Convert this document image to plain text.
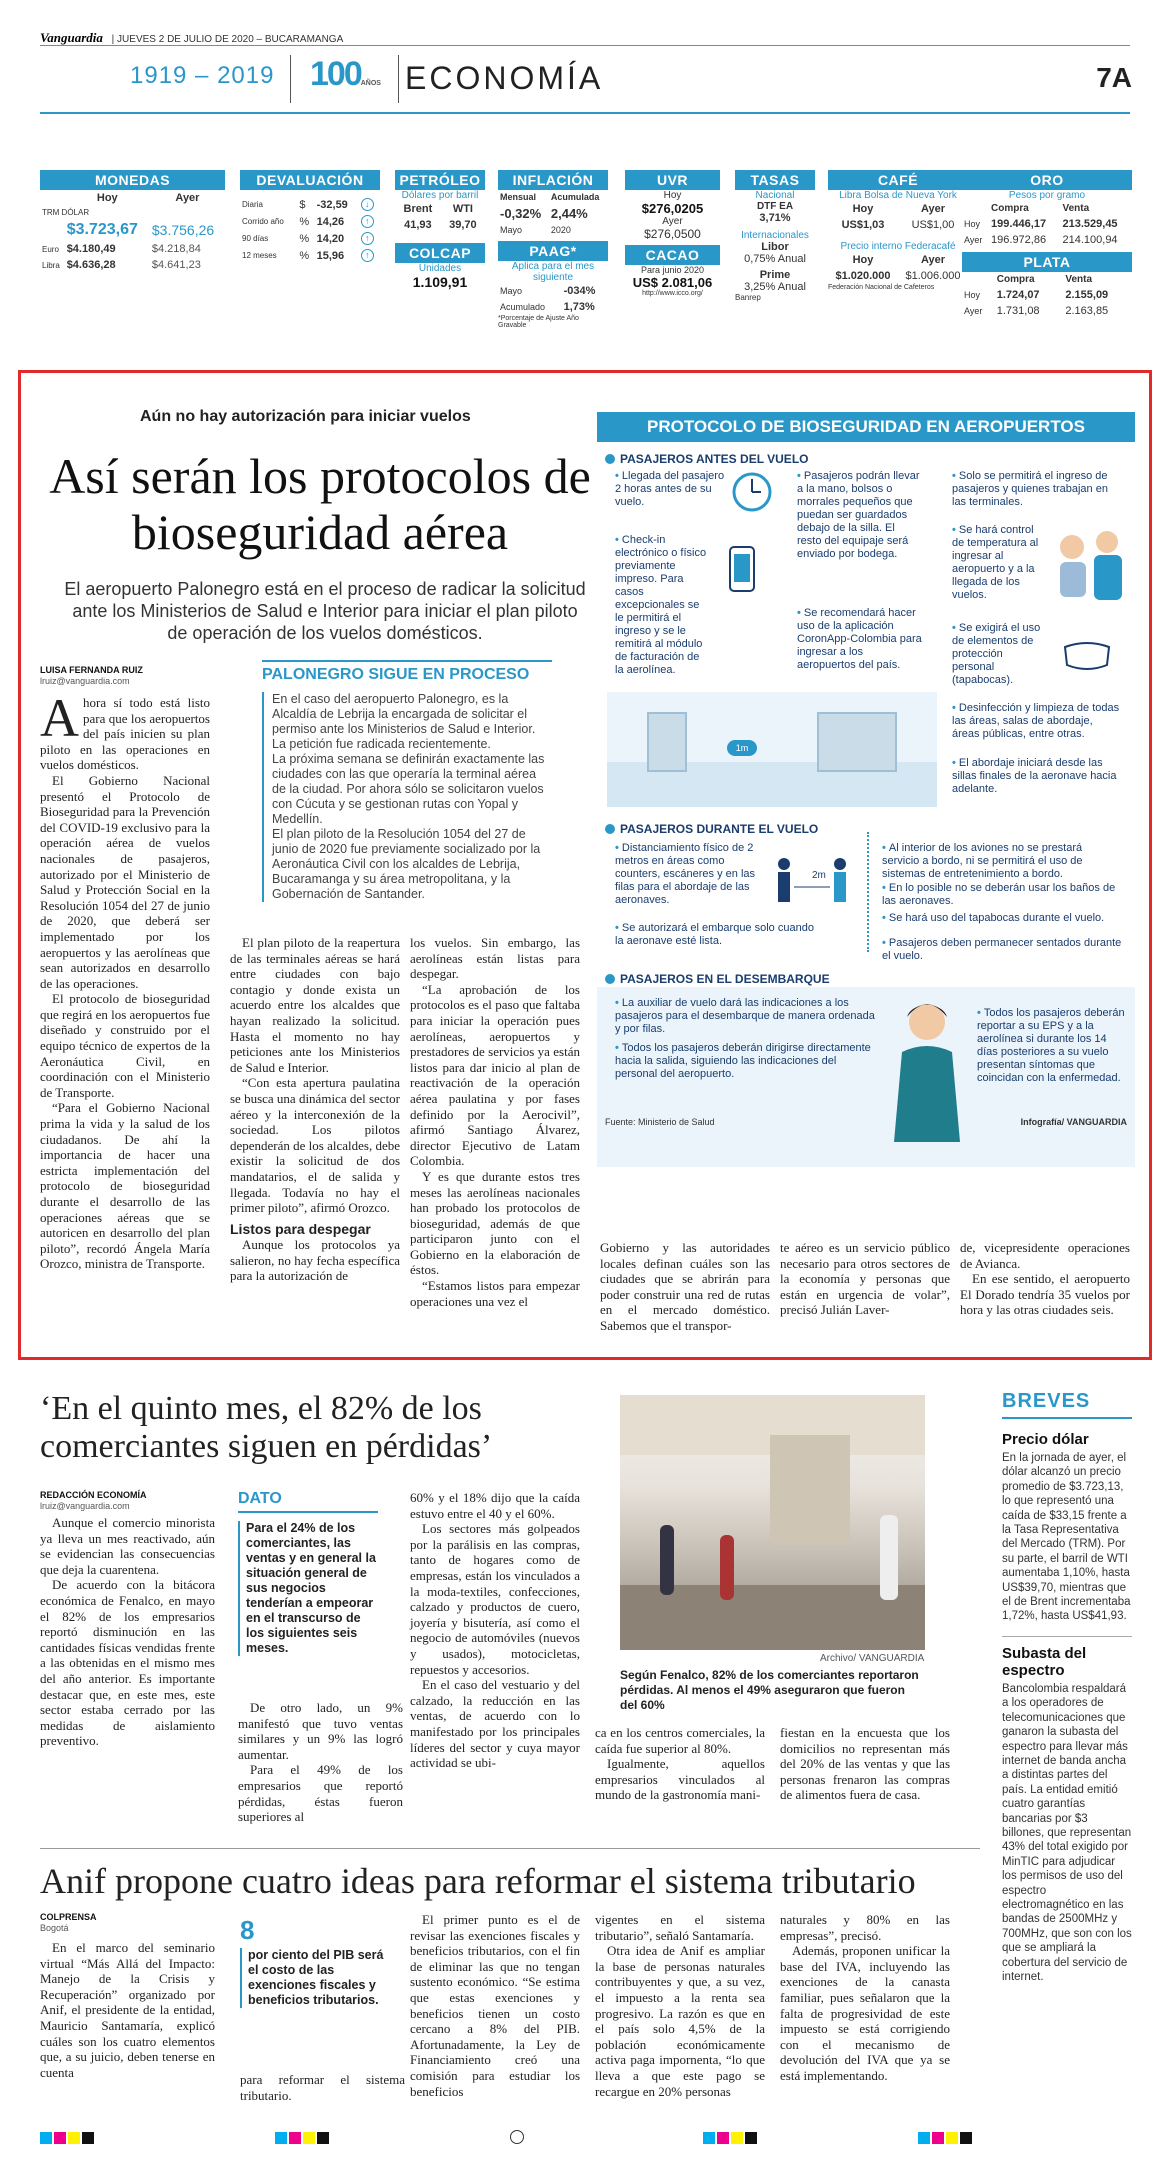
Vanguardia | JUEVES 2 DE JULIO DE 2020 – BUCARAMANGA
1919 – 2019 100AÑOS ECONOMÍA	7A
MONEDAS
	Hoy	Ayer
TRM DÓLAR		
	$3.723,67	$3.756,26
Euro	$4.180,49	$4.218,84
Libra	$4.636,28	$4.641,23
DEVALUACIÓN
Diaria	$	-32,59	↓
Corrido año	%	14,26	↑
90 días	%	14,20	↑
12 meses	%	15,96	↑
PETRÓLEO
Dólares por barril
Brent	WTI
41,93	39,70
COLCAP
Unidades
1.109,91
INFLACIÓN
Mensual	Acumulada
-0,32%	2,44%
Mayo	2020
PAAG*
Aplica para el mes siguiente
Mayo	-034%
Acumulado	1,73%
*Porcentaje de Ajuste Año Gravable
UVR
Hoy
$276,0205
Ayer
$276,0500
CACAO
Para junio 2020
US$ 2.081,06
http://www.icco.org/
TASAS
Nacional
DTF EA
3,71%
Internacionales
Libor
0,75% Anual
Prime
3,25% Anual
Banrep
CAFÉ
Libra Bolsa de Nueva York
Hoy	Ayer
US$1,03	US$1,00
Precio interno Federacafé
Hoy	Ayer
$1.020.000	$1.006.000
Federación Nacional de Cafeteros
ORO
Pesos por gramo
	Compra	Venta
Hoy	199.446,17	213.529,45
Ayer	196.972,86	214.100,94
PLATA
	Compra	Venta
Hoy	1.724,07	2.155,09
Ayer	1.731,08	2.163,85
Aún no hay autorización para iniciar vuelos
Así serán los protocolos de bioseguridad aérea
El aeropuerto Palonegro está en el proceso de radicar la solicitud ante los Ministerios de Salud e Interior para iniciar el plan piloto de operación de los vuelos domésticos.
LUISA FERNANDA RUIZ
lruiz@vanguardia.com
Ahora sí todo está listo para que los aeropuertos del país inicien su plan piloto en las operaciones en vuelos domésticos.

El Gobierno Nacional presentó el Protocolo de Bioseguridad para la Prevención del COVID-19 exclusivo para la operación aérea de vuelos nacionales de pasajeros, autorizado por el Ministerio de Salud y Protección Social en la Resolución 1054 del 27 de junio de 2020, que deberá ser implementado por los aeropuertos y las aerolíneas que sean autorizados en desarrollo de las operaciones.

El protocolo de bioseguridad que regirá en los aeropuertos fue diseñado y construido por el equipo técnico de expertos de la Aeronáutica Civil, en coordinación con el Ministerio de Transporte.

“Para el Gobierno Nacional prima la vida y la salud de los ciudadanos. De ahí la importancia de hacer una estricta implementación del protocolo de bioseguridad durante el desarrollo de las operaciones aéreas que se autoricen en desarrollo del plan piloto”, recordó Ángela María Orozco, ministra de Transporte.

PALONEGRO SIGUE EN PROCESO

En el caso del aeropuerto Palonegro, es la Alcaldía de Lebrija la encargada de solicitar el permiso ante los Ministerios de Salud e Interior. La petición fue radicada recientemente.

La próxima semana se definirán exactamente las ciudades con las que operaría la terminal aérea de la ciudad. Por ahora sólo se solicitaron vuelos con Cúcuta y se gestionan rutas con Yopal y Medellín.

El plan piloto de la Resolución 1054 del 27 de junio de 2020 fue previamente socializado por la Aeronáutica Civil con los alcaldes de Lebrija, Bucaramanga y su área metropolitana, y la Gobernación de Santander.

El plan piloto de la reapertura de las terminales aéreas se hará entre ciudades con bajo contagio y donde exista un acuerdo entre los alcaldes que hayan realizado la solicitud. Hasta el momento no hay peticiones ante los Ministerios de Salud e Interior.

“Con esta apertura paulatina se busca una dinámica del sector aéreo y la interconexión de la sociedad. Los pilotos dependerán de los alcaldes, debe existir la solicitud de dos mandatarios, el de salida y llegada. Todavía no hay el primer piloto”, afirmó Orozco.

Listos para despegar

Aunque los protocolos ya salieron, no hay fecha específica para la autorización de

los vuelos. Sin embargo, las aerolíneas están listas para despegar.

“La aprobación de los protocolos es el paso que faltaba para iniciar la operación pues aerolíneas, aeropuertos y prestadores de servicios ya están listos para dar inicio al plan de reactivación de la operación aérea paulatina y por fases definido por la Aerocivil”, afirmó Santiago Álvarez, director Ejecutivo de Latam Colombia.

Y es que durante estos tres meses las aerolíneas nacionales han probado los protocolos de bioseguridad, además de que participaron junto con el Gobierno en la elaboración de éstos.

“Estamos listos para empezar operaciones una vez el

Gobierno y las autoridades locales definan cuáles son las ciudades que se abrirán para poder construir una red de rutas en el mercado doméstico. Sabemos que el transpor-

te aéreo es un servicio público necesario para otros sectores de la economía y personas que están en urgencia de volar”, precisó Julián Laver-

de, vicepresidente operaciones de Avianca.

En ese sentido, el aeropuerto El Dorado tendría 35 vuelos por hora y las otras ciudades seis.

PROTOCOLO DE BIOSEGURIDAD EN AEROPUERTOS
PASAJEROS ANTES DEL VUELO
• Llegada del pasajero 2 horas antes de su vuelo.
• Check-in electrónico o físico previamente impreso. Para casos excepcionales se le permitirá el ingreso y se le remitirá al módulo de facturación de la aerolínea.
• Pasajeros podrán llevar a la mano, bolsos o morrales pequeños que puedan ser guardados debajo de la silla. El resto del equipaje será enviado por bodega.
• Se recomendará hacer uso de la aplicación CoronApp-Colombia para ingresar a los aeropuertos del país.
• Solo se permitirá el ingreso de pasajeros y quienes trabajan en las terminales.
• Se hará control de temperatura al ingresar al aeropuerto y a la llegada de los vuelos.
• Se exigirá el uso de elementos de protección personal (tapabocas).
• Desinfección y limpieza de todas las áreas, salas de abordaje, áreas públicas, entre otras.
• El abordaje iniciará desde las sillas finales de la aeronave hacia adelante.
1m
PASAJEROS DURANTE EL VUELO
• Distanciamiento físico de 2 metros en áreas como counters, escáneres y en las filas para el abordaje de las aeronaves.
• Se autorizará el embarque solo cuando la aeronave esté lista.
2m
• Al interior de los aviones no se prestará servicio a bordo, ni se permitirá el uso de sistemas de entretenimiento a bordo.
• En lo posible no se deberán usar los baños de las aeronaves.
• Se hará uso del tapabocas durante el vuelo.
• Pasajeros deben permanecer sentados durante el vuelo.
PASAJEROS EN EL DESEMBARQUE
• La auxiliar de vuelo dará las indicaciones a los pasajeros para el desembarque de manera ordenada y por filas.
• Todos los pasajeros deberán dirigirse directamente hacia la salida, siguiendo las indicaciones del personal del aeropuerto.
• Todos los pasajeros deberán reportar a su EPS y a la aerolínea si durante los 14 días posteriores a su vuelo presentan síntomas que coincidan con la enfermedad.
Fuente: Ministerio de Salud	Infografía/ VANGUARDIA
‘En el quinto mes, el 82% de los comerciantes siguen en pérdidas’
REDACCIÓN ECONOMÍA
lruiz@vanguardia.com

Aunque el comercio minorista ya lleva un mes reactivado, aún se evidencian las consecuencias que deja la cuarentena.

De acuerdo con la bitácora económica de Fenalco, en mayo el 82% de los empresarios reportó disminución en las cantidades físicas vendidas frente a las obtenidas en el mismo mes del año anterior. Es importante destacar que, en este mes, este sector estaba cerrado por las medidas de aislamiento preventivo.

DATO
Para el 24% de los comerciantes, las ventas y en general la situación general de sus negocios tenderían a empeorar en el transcurso de los siguientes seis meses.

De otro lado, un 9% manifestó que tuvo ventas similares y un 9% las logró aumentar.

Para el 49% de los empresarios que reportó pérdidas, éstas fueron superiores al

60% y el 18% dijo que la caída estuvo entre el 40 y el 60%.

Los sectores más golpeados por la parálisis en las compras, tanto de hogares como de empresas, están los vinculados a la moda-textiles, confecciones, calzado y productos de cuero, joyería y bisutería, así como el negocio de automóviles (nuevos y usados), motocicletas, repuestos y accesorios.

En el caso del vestuario y del calzado, la reducción en las ventas, de acuerdo con lo manifestado por los principales líderes del sector y cuya mayor actividad se ubi-

Archivo/ VANGUARDIA
Según Fenalco, 82% de los comerciantes reportaron pérdidas. Al menos el 49% aseguraron que fueron del 60%

ca en los centros comerciales, la caída fue superior al 80%.

Igualmente, aquellos empresarios vinculados al mundo de la gastronomía mani-

fiestan en la encuesta que los domicilios no representan más del 20% de las ventas y que las personas frenaron las compras de alimentos fuera de casa.

BREVES
Precio dólar
En la jornada de ayer, el dólar alcanzó un precio promedio de $3.723,13, lo que representó una caída de $33,15 frente a la Tasa Representativa del Mercado (TRM). Por su parte, el barril de WTI aumentaba 1,10%, hasta US$39,70, mientras que el de Brent incrementaba 1,72%, hasta US$41,93.
Subasta del espectro
Bancolombia respaldará a los operadores de telecomunicaciones que ganaron la subasta del espectro para llevar más internet de banda ancha a distintas partes del país. La entidad emitió cuatro garantías bancarias por $3 billones, que representan 43% del total exigido por MinTIC para adjudicar los permisos de uso del espectro electromagnético en las bandas de 2500MHz y 700MHz, que son con los que se ampliará la cobertura del servicio de internet.
Anif propone cuatro ideas para reformar el sistema tributario
COLPRENSA
Bogotá

En el marco del seminario virtual “Más Allá del Impacto: Manejo de la Crisis y Recuperación” organizado por Anif, el presidente de la entidad, Mauricio Santamaría, explicó cuáles son los cuatro elementos que, a su juicio, deben tenerse en cuenta

8
por ciento del PIB será el costo de las exenciones fiscales y beneficios tributarios.

para reformar el sistema tributario.

El primer punto es el de revisar las exenciones fiscales y beneficios tributarios, con el fin de eliminar las que no tengan sustento económico. “Se estima que estas exenciones y beneficios tienen un costo cercano a 8% del PIB. Afortunadamente, la Ley de Financiamiento creó una comisión para estudiar los beneficios

vigentes en el sistema tributario”, señaló Santamaría.

Otra idea de Anif es ampliar la base de personas naturales contribuyentes y que, a su vez, el impuesto a la renta sea progresivo. La razón es que en el país solo 4,5% de la población económicamente activa paga impornenta, “lo que lleva a que este pago se recargue en 20% personas

naturales y 80% en las empresas”, precisó.

Además, proponen unificar la base del IVA, incluyendo las exenciones de la canasta familiar, pues señalaron que la falta de progresividad de este impuesto se está corrigiendo con el mecanismo de devolución del IVA que ya se está implementando.
